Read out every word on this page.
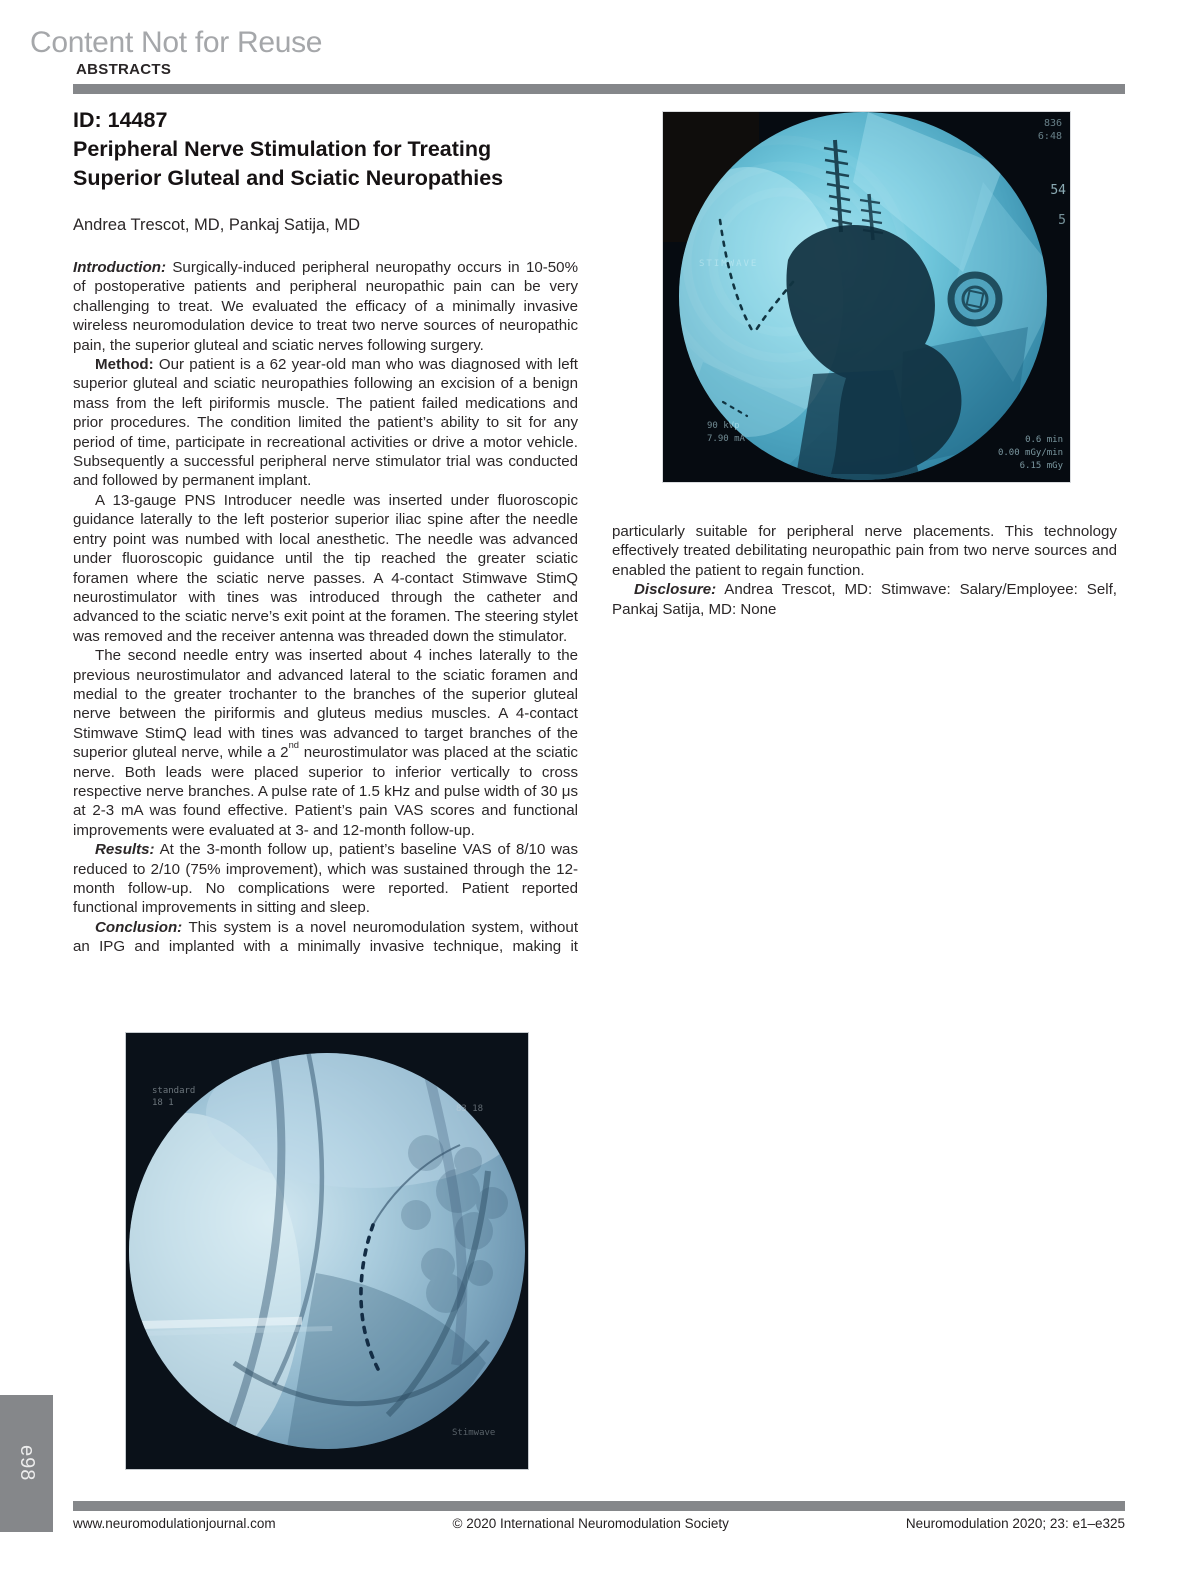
Content Not for Reuse
ABSTRACTS
ID: 14487
Peripheral Nerve Stimulation for Treating
Superior Gluteal and Sciatic Neuropathies
Andrea Trescot, MD, Pankaj Satija, MD

Introduction: Surgically-induced peripheral neuropathy occurs in 10-50% of postoperative patients and peripheral neuropathic pain can be very challenging to treat. We evaluated the efficacy of a minimally invasive wireless neuromodulation device to treat two nerve sources of neuropathic pain, the superior gluteal and sciatic nerves following surgery.

Method: Our patient is a 62 year-old man who was diagnosed with left superior gluteal and sciatic neuropathies following an excision of a benign mass from the left piriformis muscle. The patient failed medications and prior procedures. The condition limited the patient’s ability to sit for any period of time, participate in recreational activities or drive a motor vehicle. Subsequently a successful peripheral nerve stimulator trial was conducted and followed by permanent implant.

A 13-gauge PNS Introducer needle was inserted under fluoroscopic guidance laterally to the left posterior superior iliac spine after the needle entry point was numbed with local anesthetic. The needle was advanced under fluoroscopic guidance until the tip reached the greater sciatic foramen where the sciatic nerve passes. A 4-contact Stimwave StimQ neurostimulator with tines was introduced through the catheter and advanced to the sciatic nerve’s exit point at the foramen. The steering stylet was removed and the receiver antenna was threaded down the stimulator.

The second needle entry was inserted about 4 inches laterally to the previous neurostimulator and advanced lateral to the sciatic foramen and medial to the greater trochanter to the branches of the superior gluteal nerve between the piriformis and gluteus medius muscles. A 4-contact Stimwave StimQ lead with tines was advanced to target branches of the superior gluteal nerve, while a 2nd neurostimulator was placed at the sciatic nerve. Both leads were placed superior to inferior vertically to cross respective nerve branches. A pulse rate of 1.5 kHz and pulse width of 30 μs at 2-3 mA was found effective. Patient’s pain VAS scores and functional improvements were evaluated at 3- and 12-month follow-up.

Results: At the 3-month follow up, patient’s baseline VAS of 8/10 was reduced to 2/10 (75% improvement), which was sustained through the 12-month follow-up. No complications were reported. Patient reported functional improvements in sitting and sleep.

Conclusion: This system is a novel neuromodulation system, without an IPG and implanted with a minimally invasive technique, making it

particularly suitable for peripheral nerve placements. This technology effectively treated debilitating neuropathic pain from two nerve sources and enabled the patient to regain function.

Disclosure: Andrea Trescot, MD: Stimwave: Salary/Employee: Self, Pankaj Satija, MD: None

836
6:48
54
5
STIMWAVE
90 kVp
7.90 mA	0.6 min
0.00 mGy/min
6.15 mGy
standard
18 1
83 18
Stimwave
e98
www.neuromodulationjournal.com	© 2020 International Neuromodulation Society	Neuromodulation 2020; 23: e1–e325
